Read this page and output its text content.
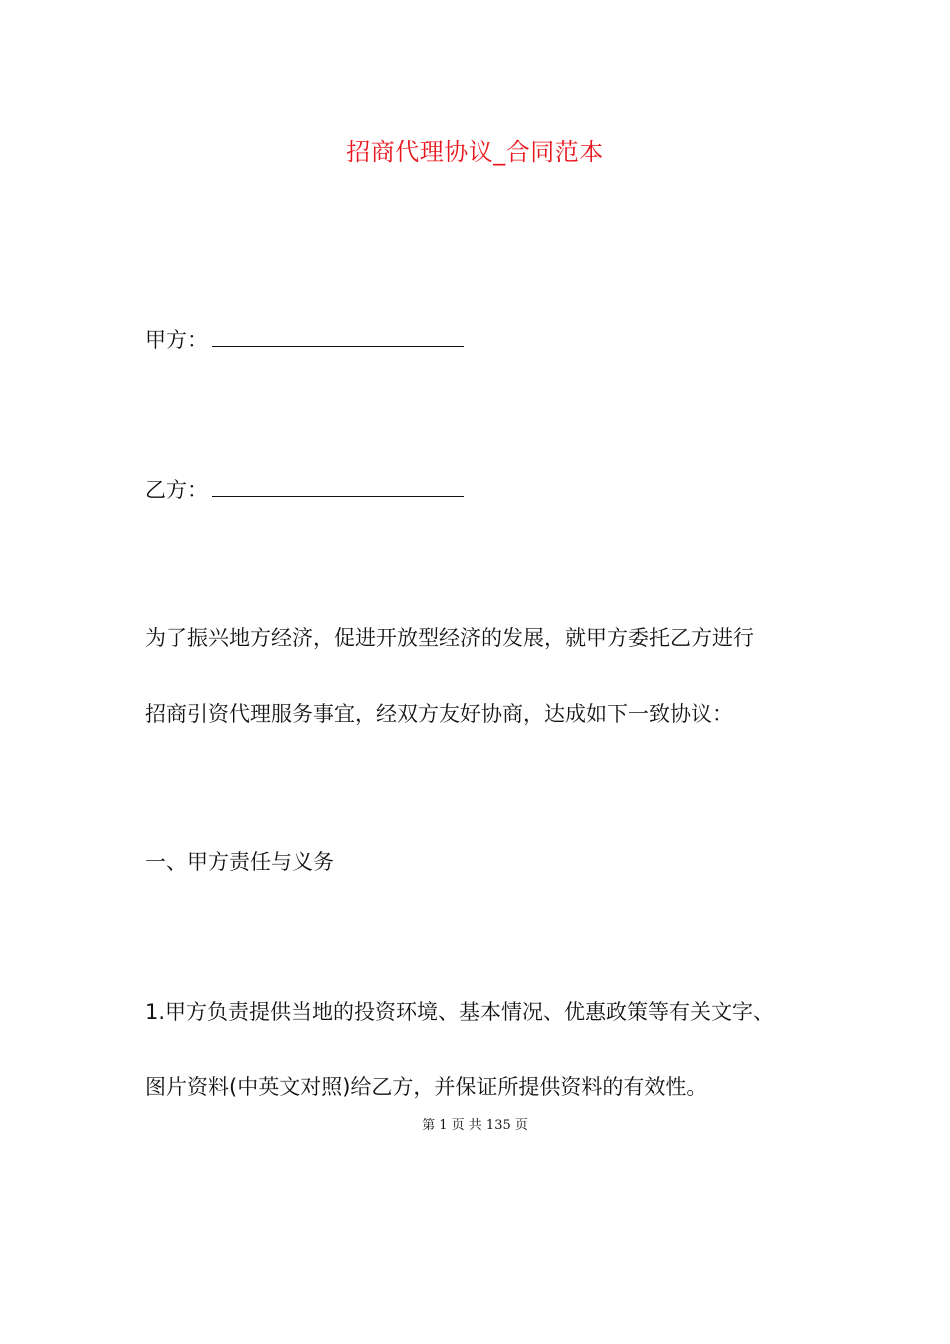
招商代理协议_合同范本
甲方：
乙方：
为了振兴地方经济，促进开放型经济的发展，就甲方委托乙方进行
招商引资代理服务事宜，经双方友好协商，达成如下一致协议：
一、甲方责任与义务
1.甲方负责提供当地的投资环境、基本情况、优惠政策等有关文字、
图片资料(中英文对照)给乙方，并保证所提供资料的有效性。
第 1 页 共 135 页
